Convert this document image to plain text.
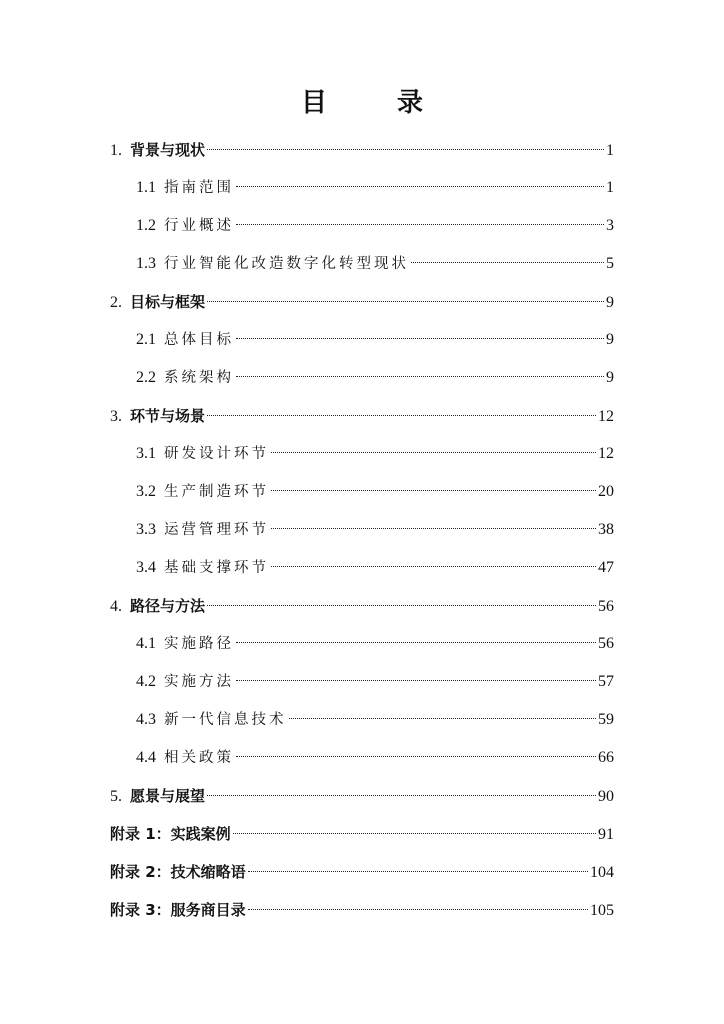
目　录
1. 背景与现状	1
1.1 指南范围	1
1.2 行业概述	3
1.3 行业智能化改造数字化转型现状	5
2. 目标与框架	9
2.1 总体目标	9
2.2 系统架构	9
3. 环节与场景	12
3.1 研发设计环节	12
3.2 生产制造环节	20
3.3 运营管理环节	38
3.4 基础支撑环节	47
4. 路径与方法	56
4.1 实施路径	56
4.2 实施方法	57
4.3 新一代信息技术	59
4.4 相关政策	66
5. 愿景与展望	90
附录 1：实践案例	91
附录 2：技术缩略语	104
附录 3：服务商目录	105
